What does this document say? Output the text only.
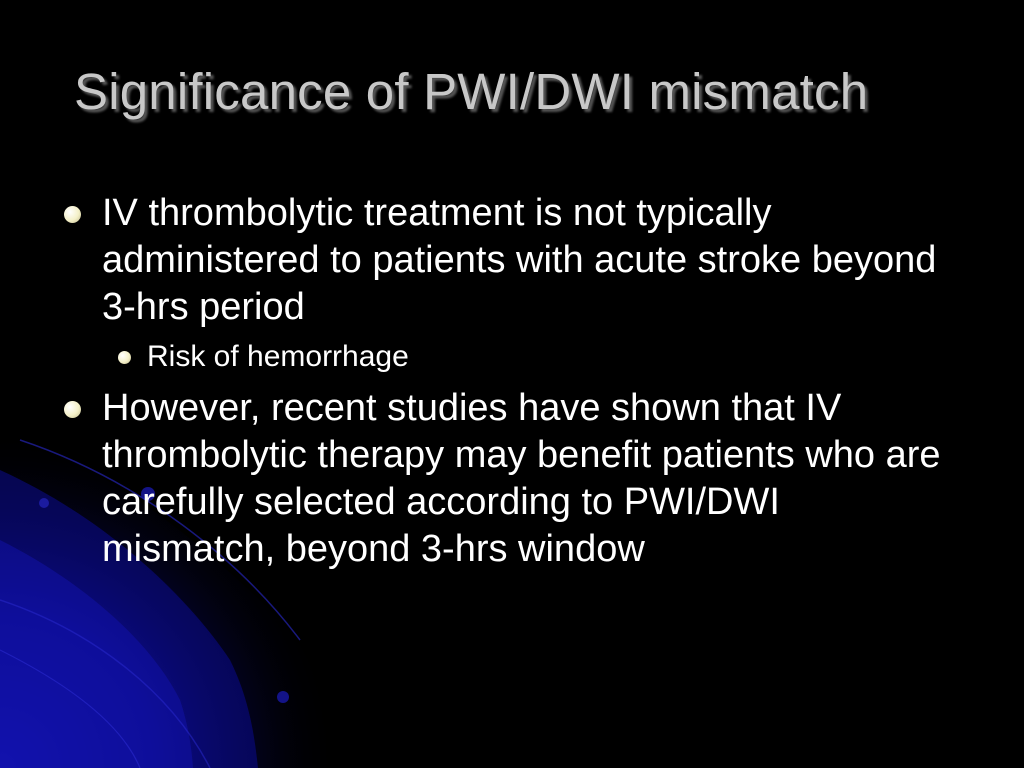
Significance of PWI/DWI mismatch
IV thrombolytic treatment is not typically administered to patients with acute stroke beyond 3-hrs period
Risk of hemorrhage
However, recent studies have shown that IV thrombolytic therapy may benefit patients who are carefully selected according to PWI/DWI mismatch, beyond 3-hrs window
